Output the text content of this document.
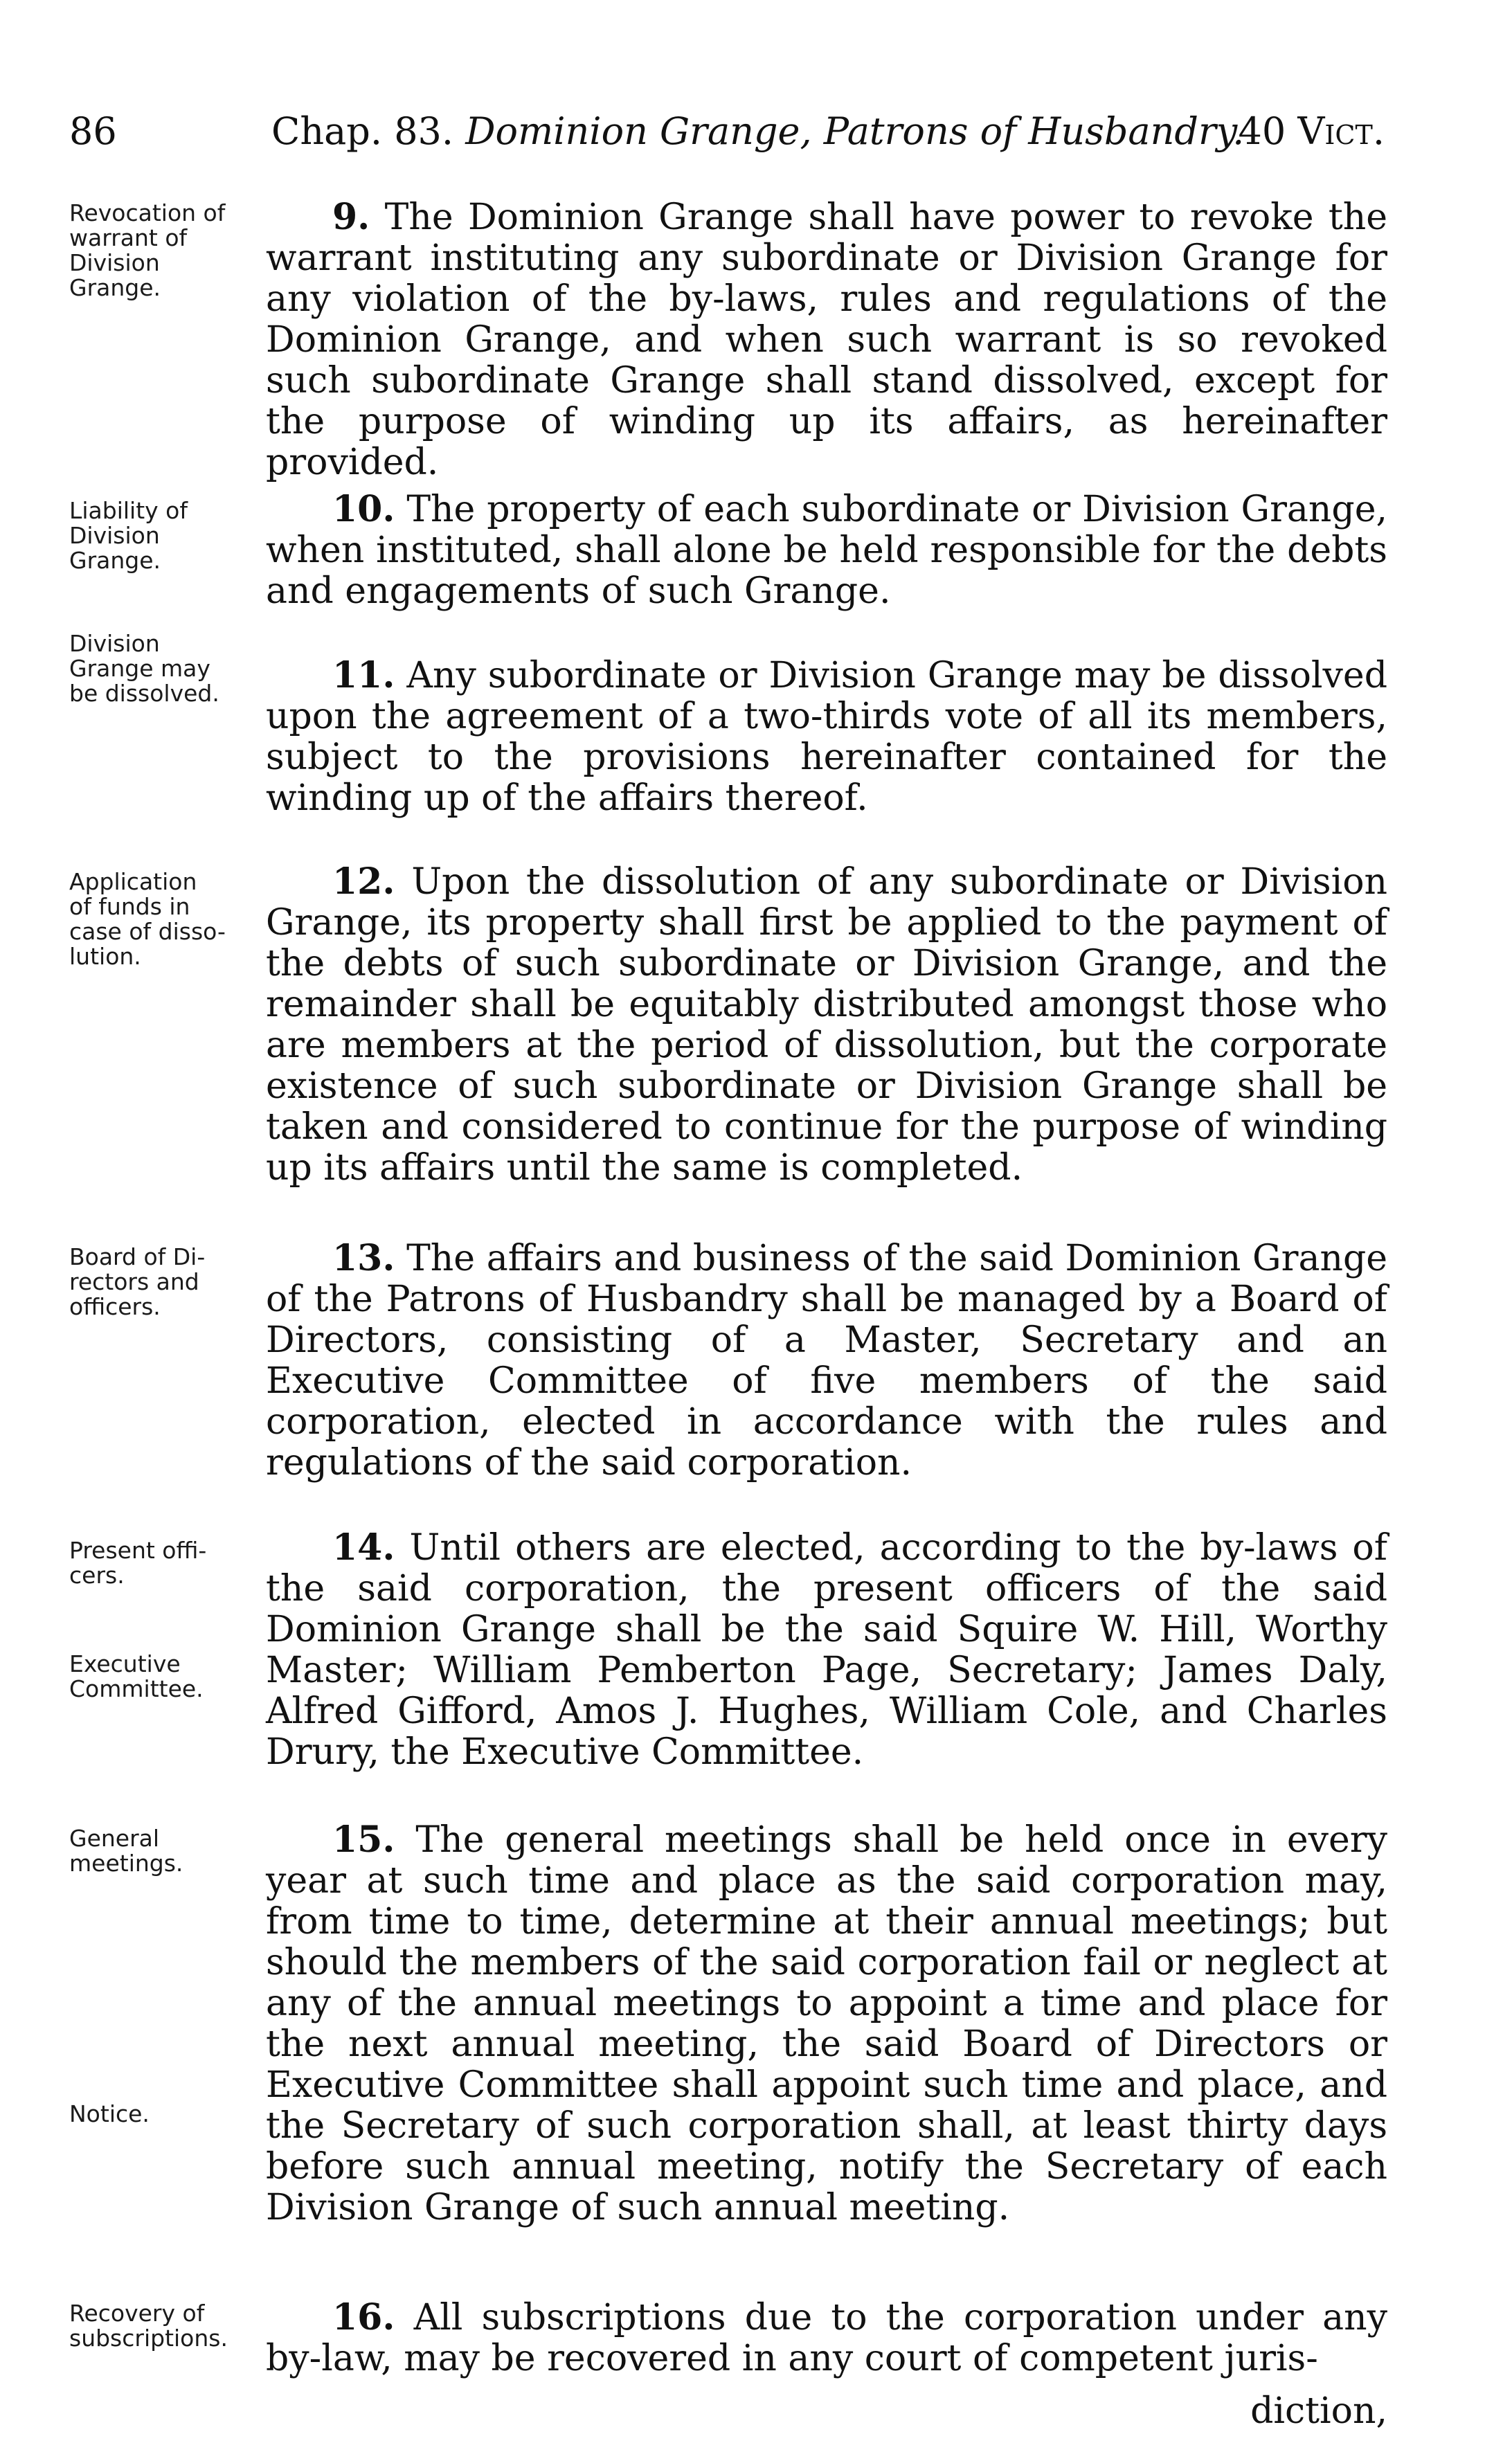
86	Chap. 83. Dominion Grange, Patrons of Husbandry.
40 Vict.
Revocation of
warrant of
Division
Grange.
9. The Dominion Grange shall have power to revoke the warrant instituting any subordinate or Division Grange for any violation of the by-laws, rules and regulations of the Dominion Grange, and when such warrant is so revoked such subordinate Grange shall stand dissolved, except for the purpose of winding up its affairs, as hereinafter provided.
Liability of
Division
Grange.
10. The property of each subordinate or Division Grange, when instituted, shall alone be held responsible for the debts and engagements of such Grange.
Division
Grange may
be dissolved.	11. Any subordinate or Division Grange may be dissolved upon the agreement of a two-thirds vote of all its members, subject to the provisions hereinafter contained for the winding up of the affairs thereof.
Application
of funds in
case of disso-
lution.
12. Upon the dissolution of any subordinate or Division Grange, its property shall first be applied to the payment of the debts of such subordinate or Division Grange, and the remainder shall be equitably distributed amongst those who are members at the period of dissolution, but the corporate existence of such subordinate or Division Grange shall be taken and considered to continue for the purpose of winding up its affairs until the same is completed.
Board of Di-
rectors and
officers.
13. The affairs and business of the said Dominion Grange of the Patrons of Husbandry shall be managed by a Board of Directors, consisting of a Master, Secretary and an Executive Committee of five members of the said corporation, elected in accordance with the rules and regulations of the said corporation.
Present offi-
cers.
Executive
Committee.
14. Until others are elected, according to the by-laws of the said corporation, the present officers of the said Dominion Grange shall be the said Squire W. Hill, Worthy Master; William Pemberton Page, Secretary; James Daly, Alfred Gifford, Amos J. Hughes, William Cole, and Charles Drury, the Executive Committee.
General
meetings.
Notice.
15. The general meetings shall be held once in every year at such time and place as the said corporation may, from time to time, determine at their annual meetings; but should the members of the said corporation fail or neglect at any of the annual meetings to appoint a time and place for the next annual meeting, the said Board of Directors or Executive Committee shall appoint such time and place, and the Secretary of such corporation shall, at least thirty days before such annual meeting, notify the Secretary of each Division Grange of such annual meeting.
Recovery of
subscriptions.	16. All subscriptions due to the corporation under any by-law, may be recovered in any court of competent juris-
diction,
